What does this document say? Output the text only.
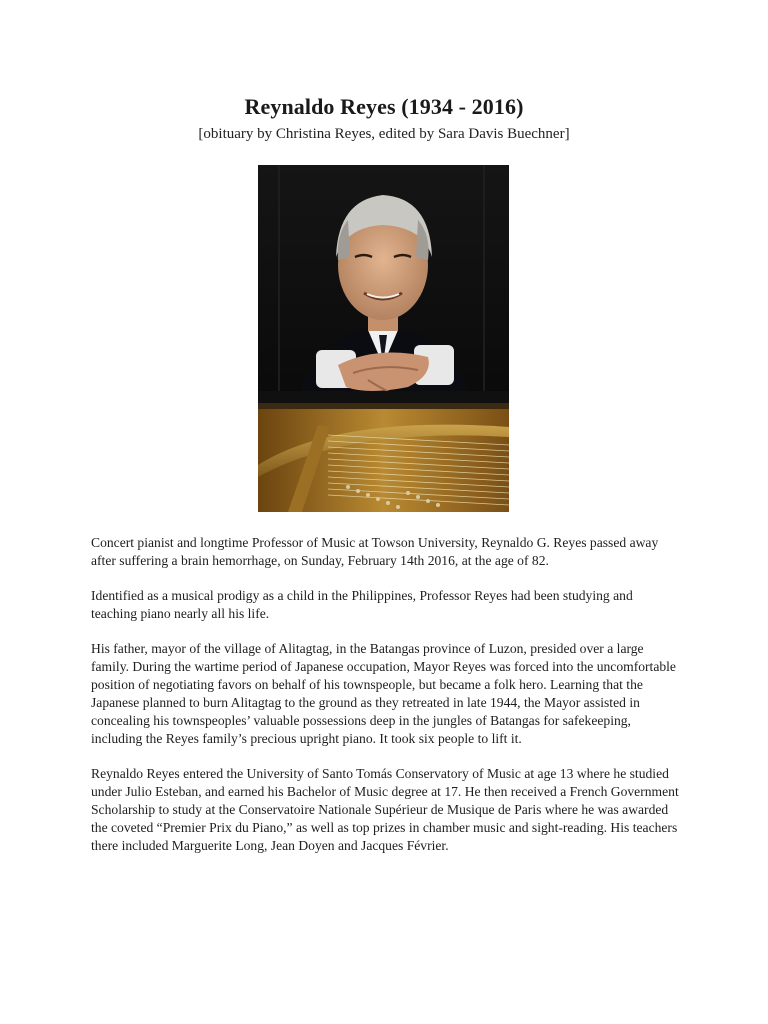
Reynaldo Reyes (1934 - 2016)
[obituary by Christina Reyes, edited by Sara Davis Buechner]

Concert pianist and longtime Professor of Music at Towson University, Reynaldo G. Reyes passed away after suffering a brain hemorrhage, on Sunday, February 14th 2016, at the age of 82.

Identified as a musical prodigy as a child in the Philippines, Professor Reyes had been studying and teaching piano nearly all his life.

His father, mayor of the village of Alitagtag, in the Batangas province of Luzon, presided over a large family. During the wartime period of Japanese occupation, Mayor Reyes was forced into the uncomfortable position of negotiating favors on behalf of his townspeople, but became a folk hero. Learning that the Japanese planned to burn Alitagtag to the ground as they retreated in late 1944, the Mayor assisted in concealing his townspeoples’ valuable possessions deep in the jungles of Batangas for safekeeping, including the Reyes family’s precious upright piano. It took six people to lift it.

Reynaldo Reyes entered the University of Santo Tomás Conservatory of Music at age 13 where he studied under Julio Esteban, and earned his Bachelor of Music degree at 17. He then received a French Government Scholarship to study at the Conservatoire Nationale Supérieur de Musique de Paris where he was awarded the coveted “Premier Prix du Piano,” as well as top prizes in chamber music and sight-reading. His teachers there included Marguerite Long, Jean Doyen and Jacques Février.
